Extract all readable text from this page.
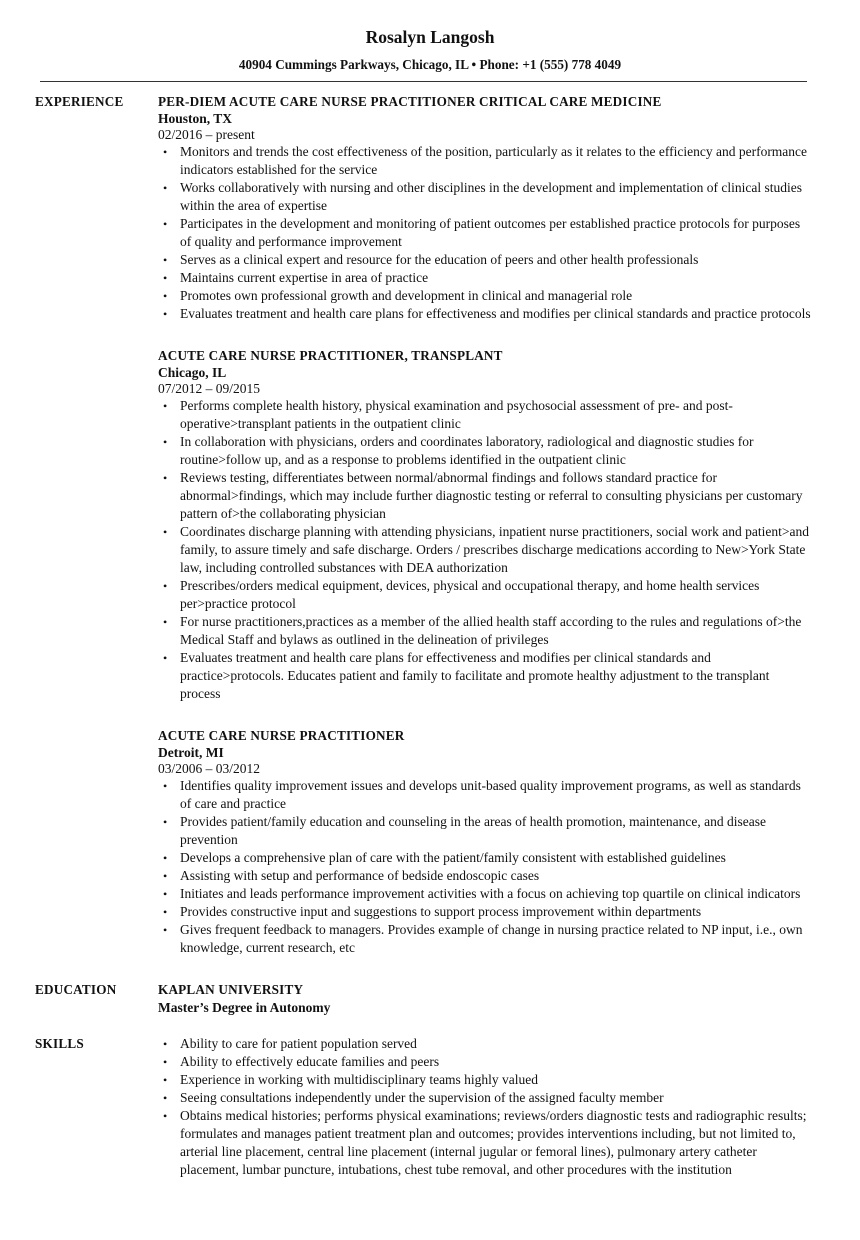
Rosalyn Langosh
40904 Cummings Parkways, Chicago, IL • Phone: +1 (555) 778 4049
EXPERIENCE	PER-DIEM ACUTE CARE NURSE PRACTITIONER CRITICAL CARE MEDICINE
Houston, TX
02/2016 – present
• Monitors and trends the cost effectiveness of the position, particularly as it relates to the efficiency and performance indicators established for the service
• Works collaboratively with nursing and other disciplines in the development and implementation of clinical studies within the area of expertise
• Participates in the development and monitoring of patient outcomes per established practice protocols for purposes of quality and performance improvement
• Serves as a clinical expert and resource for the education of peers and other health professionals
• Maintains current expertise in area of practice
• Promotes own professional growth and development in clinical and managerial role
• Evaluates treatment and health care plans for effectiveness and modifies per clinical standards and practice protocols
ACUTE CARE NURSE PRACTITIONER, TRANSPLANT
Chicago, IL
07/2012 – 09/2015
• Performs complete health history, physical examination and psychosocial assessment of pre- and post-operative>transplant patients in the outpatient clinic
• In collaboration with physicians, orders and coordinates laboratory, radiological and diagnostic studies for routine>follow up, and as a response to problems identified in the outpatient clinic
• Reviews testing, differentiates between normal/abnormal findings and follows standard practice for abnormal>findings, which may include further diagnostic testing or referral to consulting physicians per customary pattern of>the collaborating physician
• Coordinates discharge planning with attending physicians, inpatient nurse practitioners, social work and patient>and family, to assure timely and safe discharge. Orders / prescribes discharge medications according to New>York State law, including controlled substances with DEA authorization
• Prescribes/orders medical equipment, devices, physical and occupational therapy, and home health services per>practice protocol
• For nurse practitioners,practices as a member of the allied health staff according to the rules and regulations of>the Medical Staff and bylaws as outlined in the delineation of privileges
• Evaluates treatment and health care plans for effectiveness and modifies per clinical standards and practice>protocols. Educates patient and family to facilitate and promote healthy adjustment to the transplant process
ACUTE CARE NURSE PRACTITIONER
Detroit, MI
03/2006 – 03/2012
• Identifies quality improvement issues and develops unit-based quality improvement programs, as well as standards of care and practice
• Provides patient/family education and counseling in the areas of health promotion, maintenance, and disease prevention
• Develops a comprehensive plan of care with the patient/family consistent with established guidelines
• Assisting with setup and performance of bedside endoscopic cases
• Initiates and leads performance improvement activities with a focus on achieving top quartile on clinical indicators
• Provides constructive input and suggestions to support process improvement within departments
• Gives frequent feedback to managers. Provides example of change in nursing practice related to NP input, i.e., own knowledge, current research, etc
EDUCATION	KAPLAN UNIVERSITY
Master’s Degree in Autonomy
SKILLS
•	Ability to care for patient population served
• Ability to effectively educate families and peers
• Experience in working with multidisciplinary teams highly valued
• Seeing consultations independently under the supervision of the assigned faculty member
• Obtains medical histories; performs physical examinations; reviews/orders diagnostic tests and radiographic results; formulates and manages patient treatment plan and outcomes; provides interventions including, but not limited to, arterial line placement, central line placement (internal jugular or femoral lines), pulmonary artery catheter placement, lumbar puncture, intubations, chest tube removal, and other procedures with the institution
